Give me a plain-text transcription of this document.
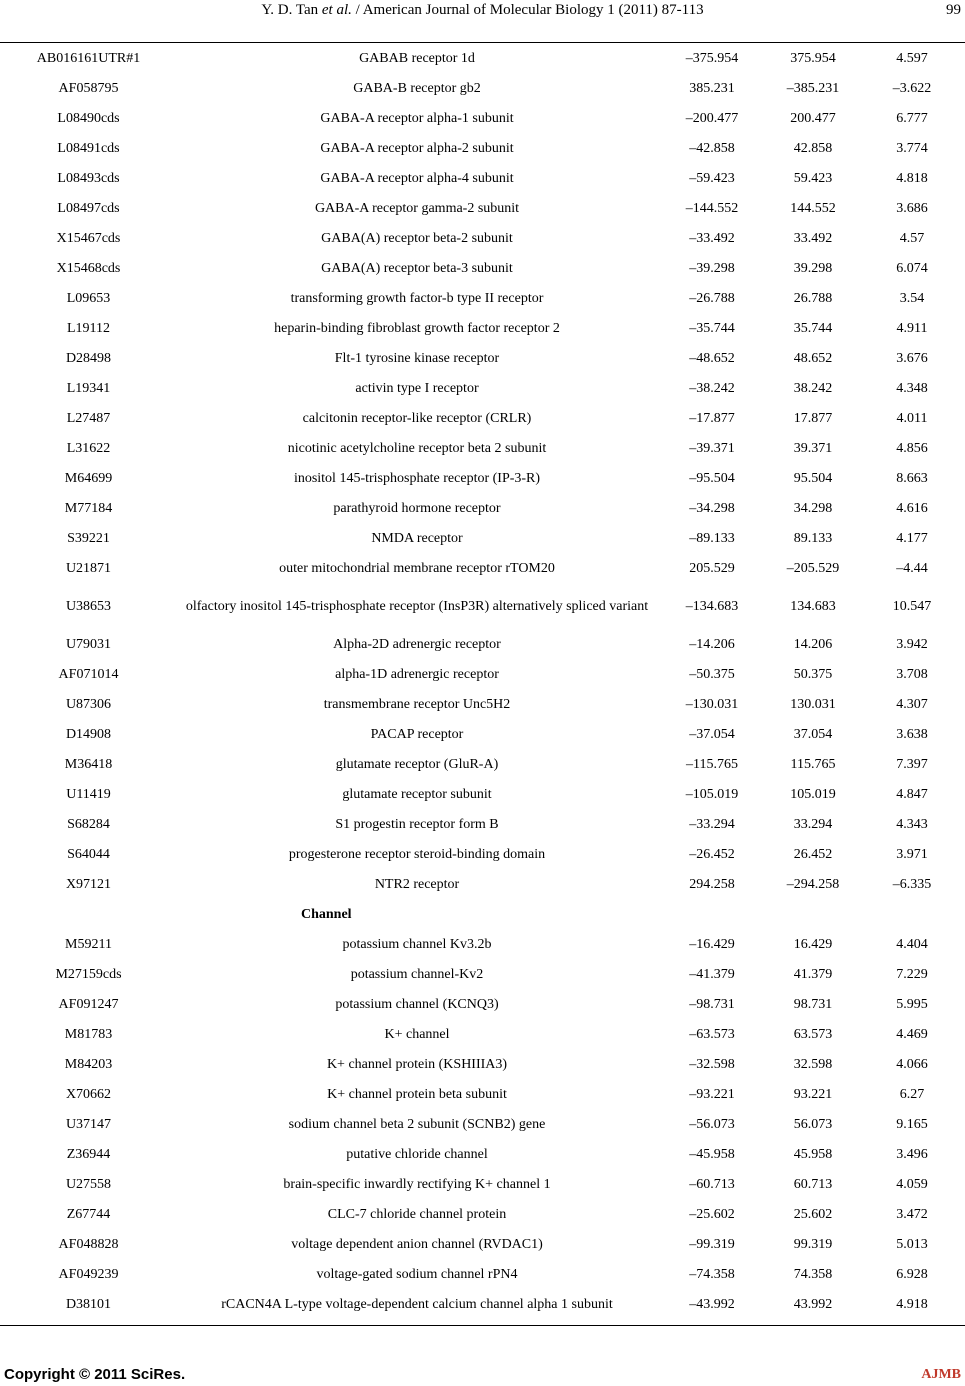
Y. D. Tan et al. / American Journal of Molecular Biology 1 (2011) 87-113	99
AB016161UTR#1	GABAB receptor 1d	–375.954	375.954	4.597
AF058795	GABA-B receptor gb2	385.231	–385.231	–3.622
L08490cds	GABA-A receptor alpha-1 subunit	–200.477	200.477	6.777
L08491cds	GABA-A receptor alpha-2 subunit	–42.858	42.858	3.774
L08493cds	GABA-A receptor alpha-4 subunit	–59.423	59.423	4.818
L08497cds	GABA-A receptor gamma-2 subunit	–144.552	144.552	3.686
X15467cds	GABA(A) receptor beta-2 subunit	–33.492	33.492	4.57
X15468cds	GABA(A) receptor beta-3 subunit	–39.298	39.298	6.074
L09653	transforming growth factor-b type II receptor	–26.788	26.788	3.54
L19112	heparin-binding fibroblast growth factor receptor 2	–35.744	35.744	4.911
D28498	Flt-1 tyrosine kinase receptor	–48.652	48.652	3.676
L19341	activin type I receptor	–38.242	38.242	4.348
L27487	calcitonin receptor-like receptor (CRLR)	–17.877	17.877	4.011
L31622	nicotinic acetylcholine receptor beta 2 subunit	–39.371	39.371	4.856
M64699	inositol 145-trisphosphate receptor (IP-3-R)	–95.504	95.504	8.663
M77184	parathyroid hormone receptor	–34.298	34.298	4.616
S39221	NMDA receptor	–89.133	89.133	4.177
U21871	outer mitochondrial membrane receptor rTOM20	205.529	–205.529	–4.44
U38653	olfactory inositol 145-trisphosphate receptor (InsP3R) alternatively spliced variant	–134.683	134.683	10.547
U79031	Alpha-2D adrenergic receptor	–14.206	14.206	3.942
AF071014	alpha-1D adrenergic receptor	–50.375	50.375	3.708
U87306	transmembrane receptor Unc5H2	–130.031	130.031	4.307
D14908	PACAP receptor	–37.054	37.054	3.638
M36418	glutamate receptor (GluR-A)	–115.765	115.765	7.397
U11419	glutamate receptor subunit	–105.019	105.019	4.847
S68284	S1 progestin receptor form B	–33.294	33.294	4.343
S64044	progesterone receptor steroid-binding domain	–26.452	26.452	3.971
X97121	NTR2 receptor	294.258	–294.258	–6.335
Channel				
M59211	potassium channel Kv3.2b	–16.429	16.429	4.404
M27159cds	potassium channel-Kv2	–41.379	41.379	7.229
AF091247	potassium channel (KCNQ3)	–98.731	98.731	5.995
M81783	K+ channel	–63.573	63.573	4.469
M84203	K+ channel protein (KSHIIIA3)	–32.598	32.598	4.066
X70662	K+ channel protein beta subunit	–93.221	93.221	6.27
U37147	sodium channel beta 2 subunit (SCNB2) gene	–56.073	56.073	9.165
Z36944	putative chloride channel	–45.958	45.958	3.496
U27558	brain-specific inwardly rectifying K+ channel 1	–60.713	60.713	4.059
Z67744	CLC-7 chloride channel protein	–25.602	25.602	3.472
AF048828	voltage dependent anion channel (RVDAC1)	–99.319	99.319	5.013
AF049239	voltage-gated sodium channel rPN4	–74.358	74.358	6.928
D38101	rCACN4A L-type voltage-dependent calcium channel alpha 1 subunit	–43.992	43.992	4.918
Copyright © 2011 SciRes.	AJMB
